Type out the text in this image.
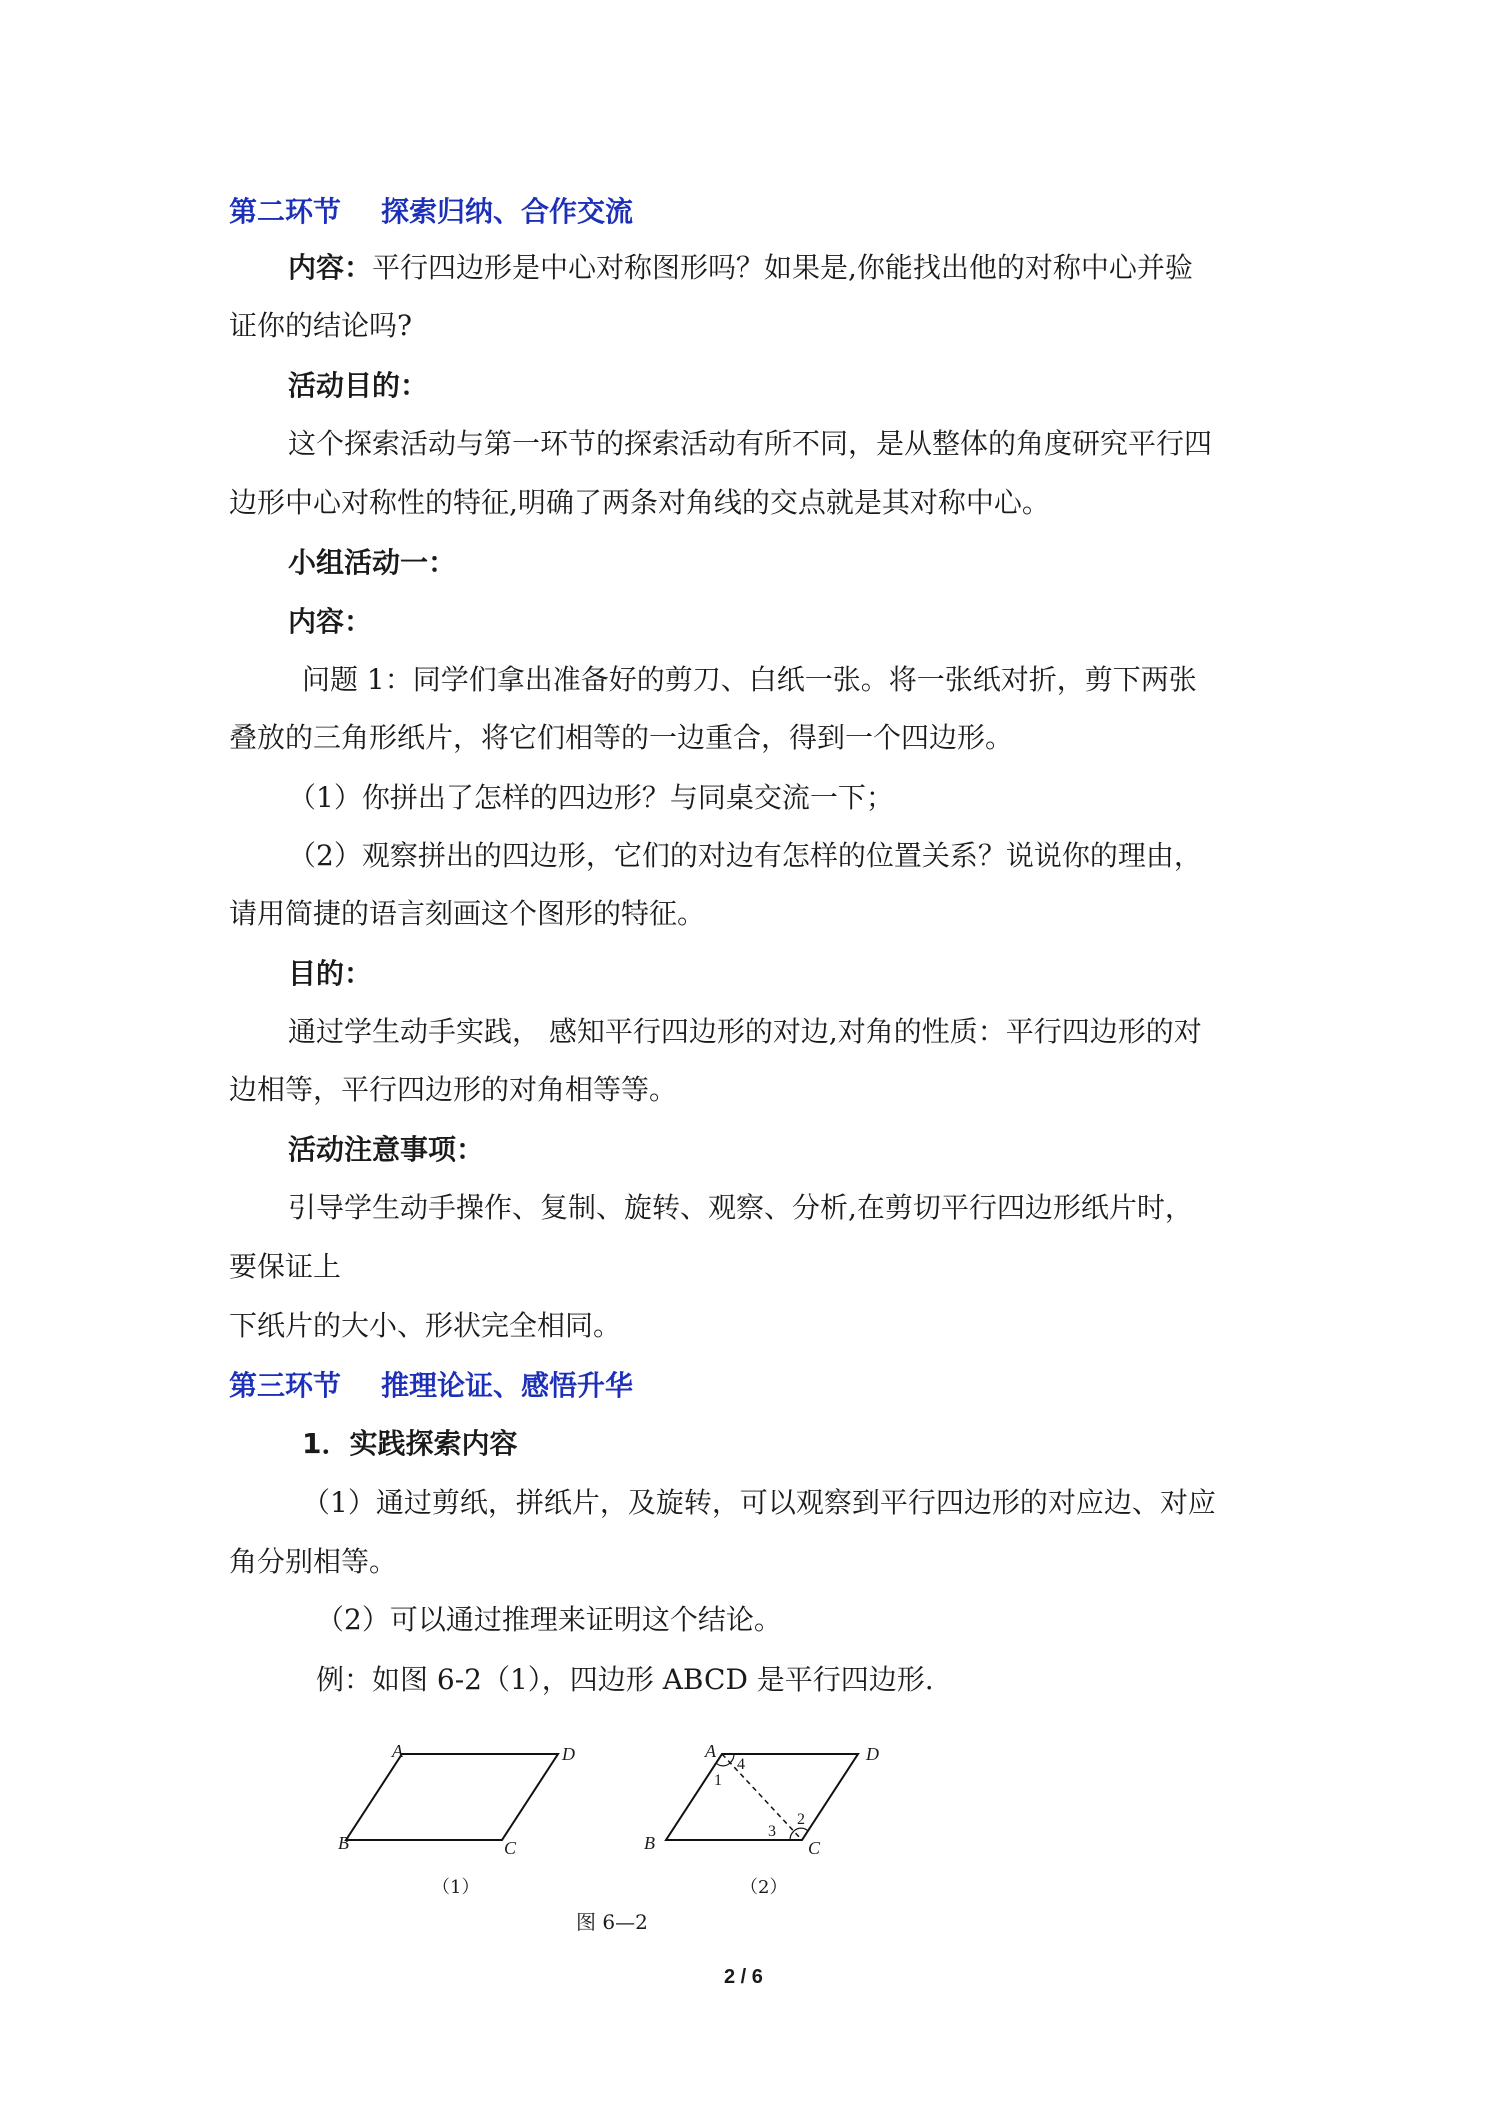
第二环节 探索归纳、合作交流
内容：平行四边形是中心对称图形吗？如果是,你能找出他的对称中心并验
证你的结论吗?
活动目的：
这个探索活动与第一环节的探索活动有所不同，是从整体的角度研究平行四
边形中心对称性的特征,明确了两条对角线的交点就是其对称中心。
小组活动一：
内容：
问题 1：同学们拿出准备好的剪刀、白纸一张。将一张纸对折，剪下两张
叠放的三角形纸片，将它们相等的一边重合，得到一个四边形。
（1）你拼出了怎样的四边形？与同桌交流一下；
（2）观察拼出的四边形，它们的对边有怎样的位置关系？说说你的理由，
请用简捷的语言刻画这个图形的特征。
目的：
通过学生动手实践， 感知平行四边形的对边,对角的性质：平行四边形的对
边相等，平行四边形的对角相等等。
活动注意事项：
引导学生动手操作、复制、旋转、观察、分析,在剪切平行四边形纸片时，
要保证上
下纸片的大小、形状完全相同。
第三环节 推理论证、感悟升华
1．实践探索内容
（1）通过剪纸，拼纸片，及旋转，可以观察到平行四边形的对应边、对应
角分别相等。
（2）可以通过推理来证明这个结论。
例：如图 6-2（1），四边形 ABCD 是平行四边形.
A	D
B	C
（1）
A	D
B	C
4
1
2
3
（2）
图 6—2
2 / 6
